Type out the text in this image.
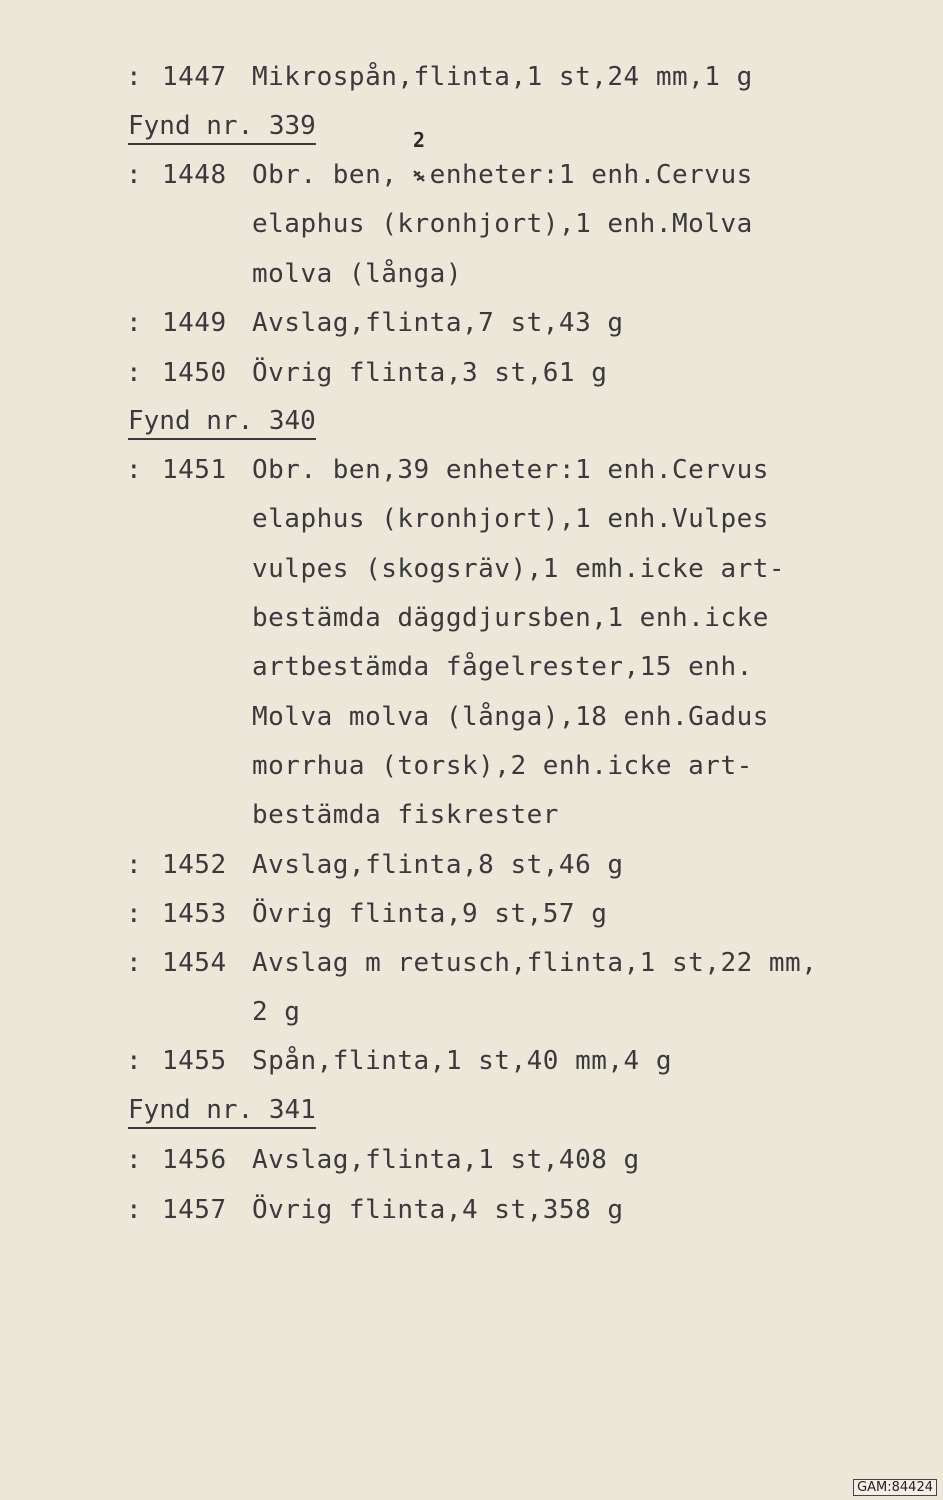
: 1447 Mikrospån,flinta,1 st,24 mm,1 g
Fynd nr. 339
: 1448 Obr. ben,  enheter:1 enh.Cervus
elaphus (kronhjort),1 enh.Molva
molva (långa)
: 1449 Avslag,flinta,7 st,43 g
: 1450 Övrig flinta,3 st,61 g
Fynd nr. 340
: 1451 Obr. ben,39 enheter:1 enh.Cervus
elaphus (kronhjort),1 enh.Vulpes
vulpes (skogsräv),1 emh.icke art-
bestämda däggdjursben,1 enh.icke
artbestämda fågelrester,15 enh.
Molva molva (långa),18 enh.Gadus
morrhua (torsk),2 enh.icke art-
bestämda fiskrester
: 1452 Avslag,flinta,8 st,46 g
: 1453 Övrig flinta,9 st,57 g
: 1454 Avslag m retusch,flinta,1 st,22 mm,
2 g
: 1455 Spån,flinta,1 st,40 mm,4 g
Fynd nr. 341
: 1456 Avslag,flinta,1 st,408 g
: 1457 Övrig flinta,4 st,358 g
2
GAM:84424
